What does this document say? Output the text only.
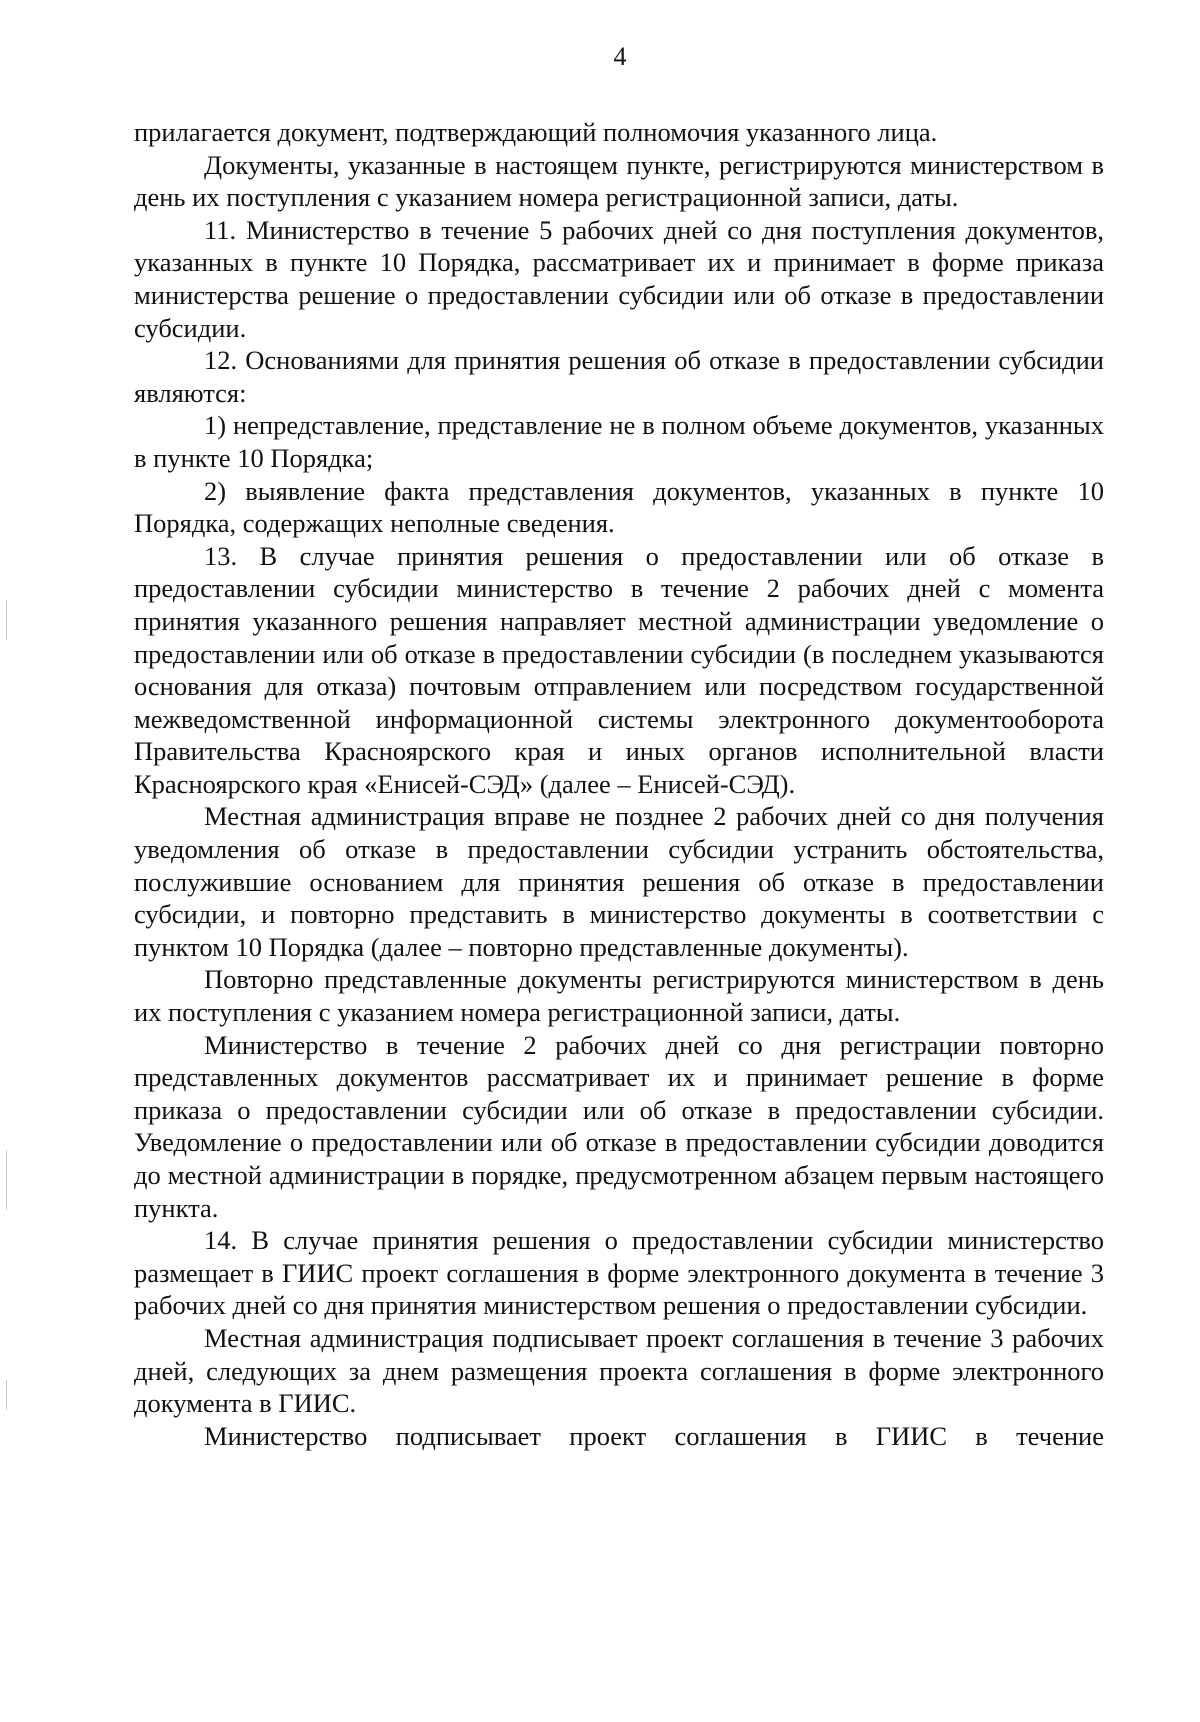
4

прилагается документ, подтверждающий полномочия указанного лица.

Документы, указанные в настоящем пункте, регистрируются министерством в день их поступления с указанием номера регистрационной записи, даты.

11. Министерство в течение 5 рабочих дней со дня поступления документов, указанных в пункте 10 Порядка, рассматривает их и принимает в форме приказа министерства решение о предоставлении субсидии или об отказе в предоставлении субсидии.

12. Основаниями для принятия решения об отказе в предоставлении субсидии являются:

1) непредставление, представление не в полном объеме документов, указанных в пункте 10 Порядка;

2) выявление факта представления документов, указанных в пункте 10 Порядка, содержащих неполные сведения.

13. В случае принятия решения о предоставлении или об отказе в предоставлении субсидии министерство в течение 2 рабочих дней с момента принятия указанного решения направляет местной администрации уведомление о предоставлении или об отказе в предоставлении субсидии (в последнем указываются основания для отказа) почтовым отправлением или посредством государственной межведомственной информационной системы электронного документооборота Правительства Красноярского края и иных органов исполнительной власти Красноярского края «Енисей-СЭД» (далее – Енисей-СЭД).

Местная администрация вправе не позднее 2 рабочих дней со дня получения уведомления об отказе в предоставлении субсидии устранить обстоятельства, послужившие основанием для принятия решения об отказе в предоставлении субсидии, и повторно представить в министерство документы в соответствии с пунктом 10 Порядка (далее – повторно представленные документы).

Повторно представленные документы регистрируются министерством в день их поступления с указанием номера регистрационной записи, даты.

Министерство в течение 2 рабочих дней со дня регистрации повторно представленных документов рассматривает их и принимает решение в форме приказа о предоставлении субсидии или об отказе в предоставлении субсидии. Уведомление о предоставлении или об отказе в предоставлении субсидии доводится до местной администрации в порядке, предусмотренном абзацем первым настоящего пункта.

14. В случае принятия решения о предоставлении субсидии министерство размещает в ГИИС проект соглашения в форме электронного документа в течение 3 рабочих дней со дня принятия министерством решения о предоставлении субсидии.

Местная администрация подписывает проект соглашения в течение 3 рабочих дней, следующих за днем размещения проекта соглашения в форме электронного документа в ГИИС.

Министерство подписывает проект соглашения в ГИИС в течение
